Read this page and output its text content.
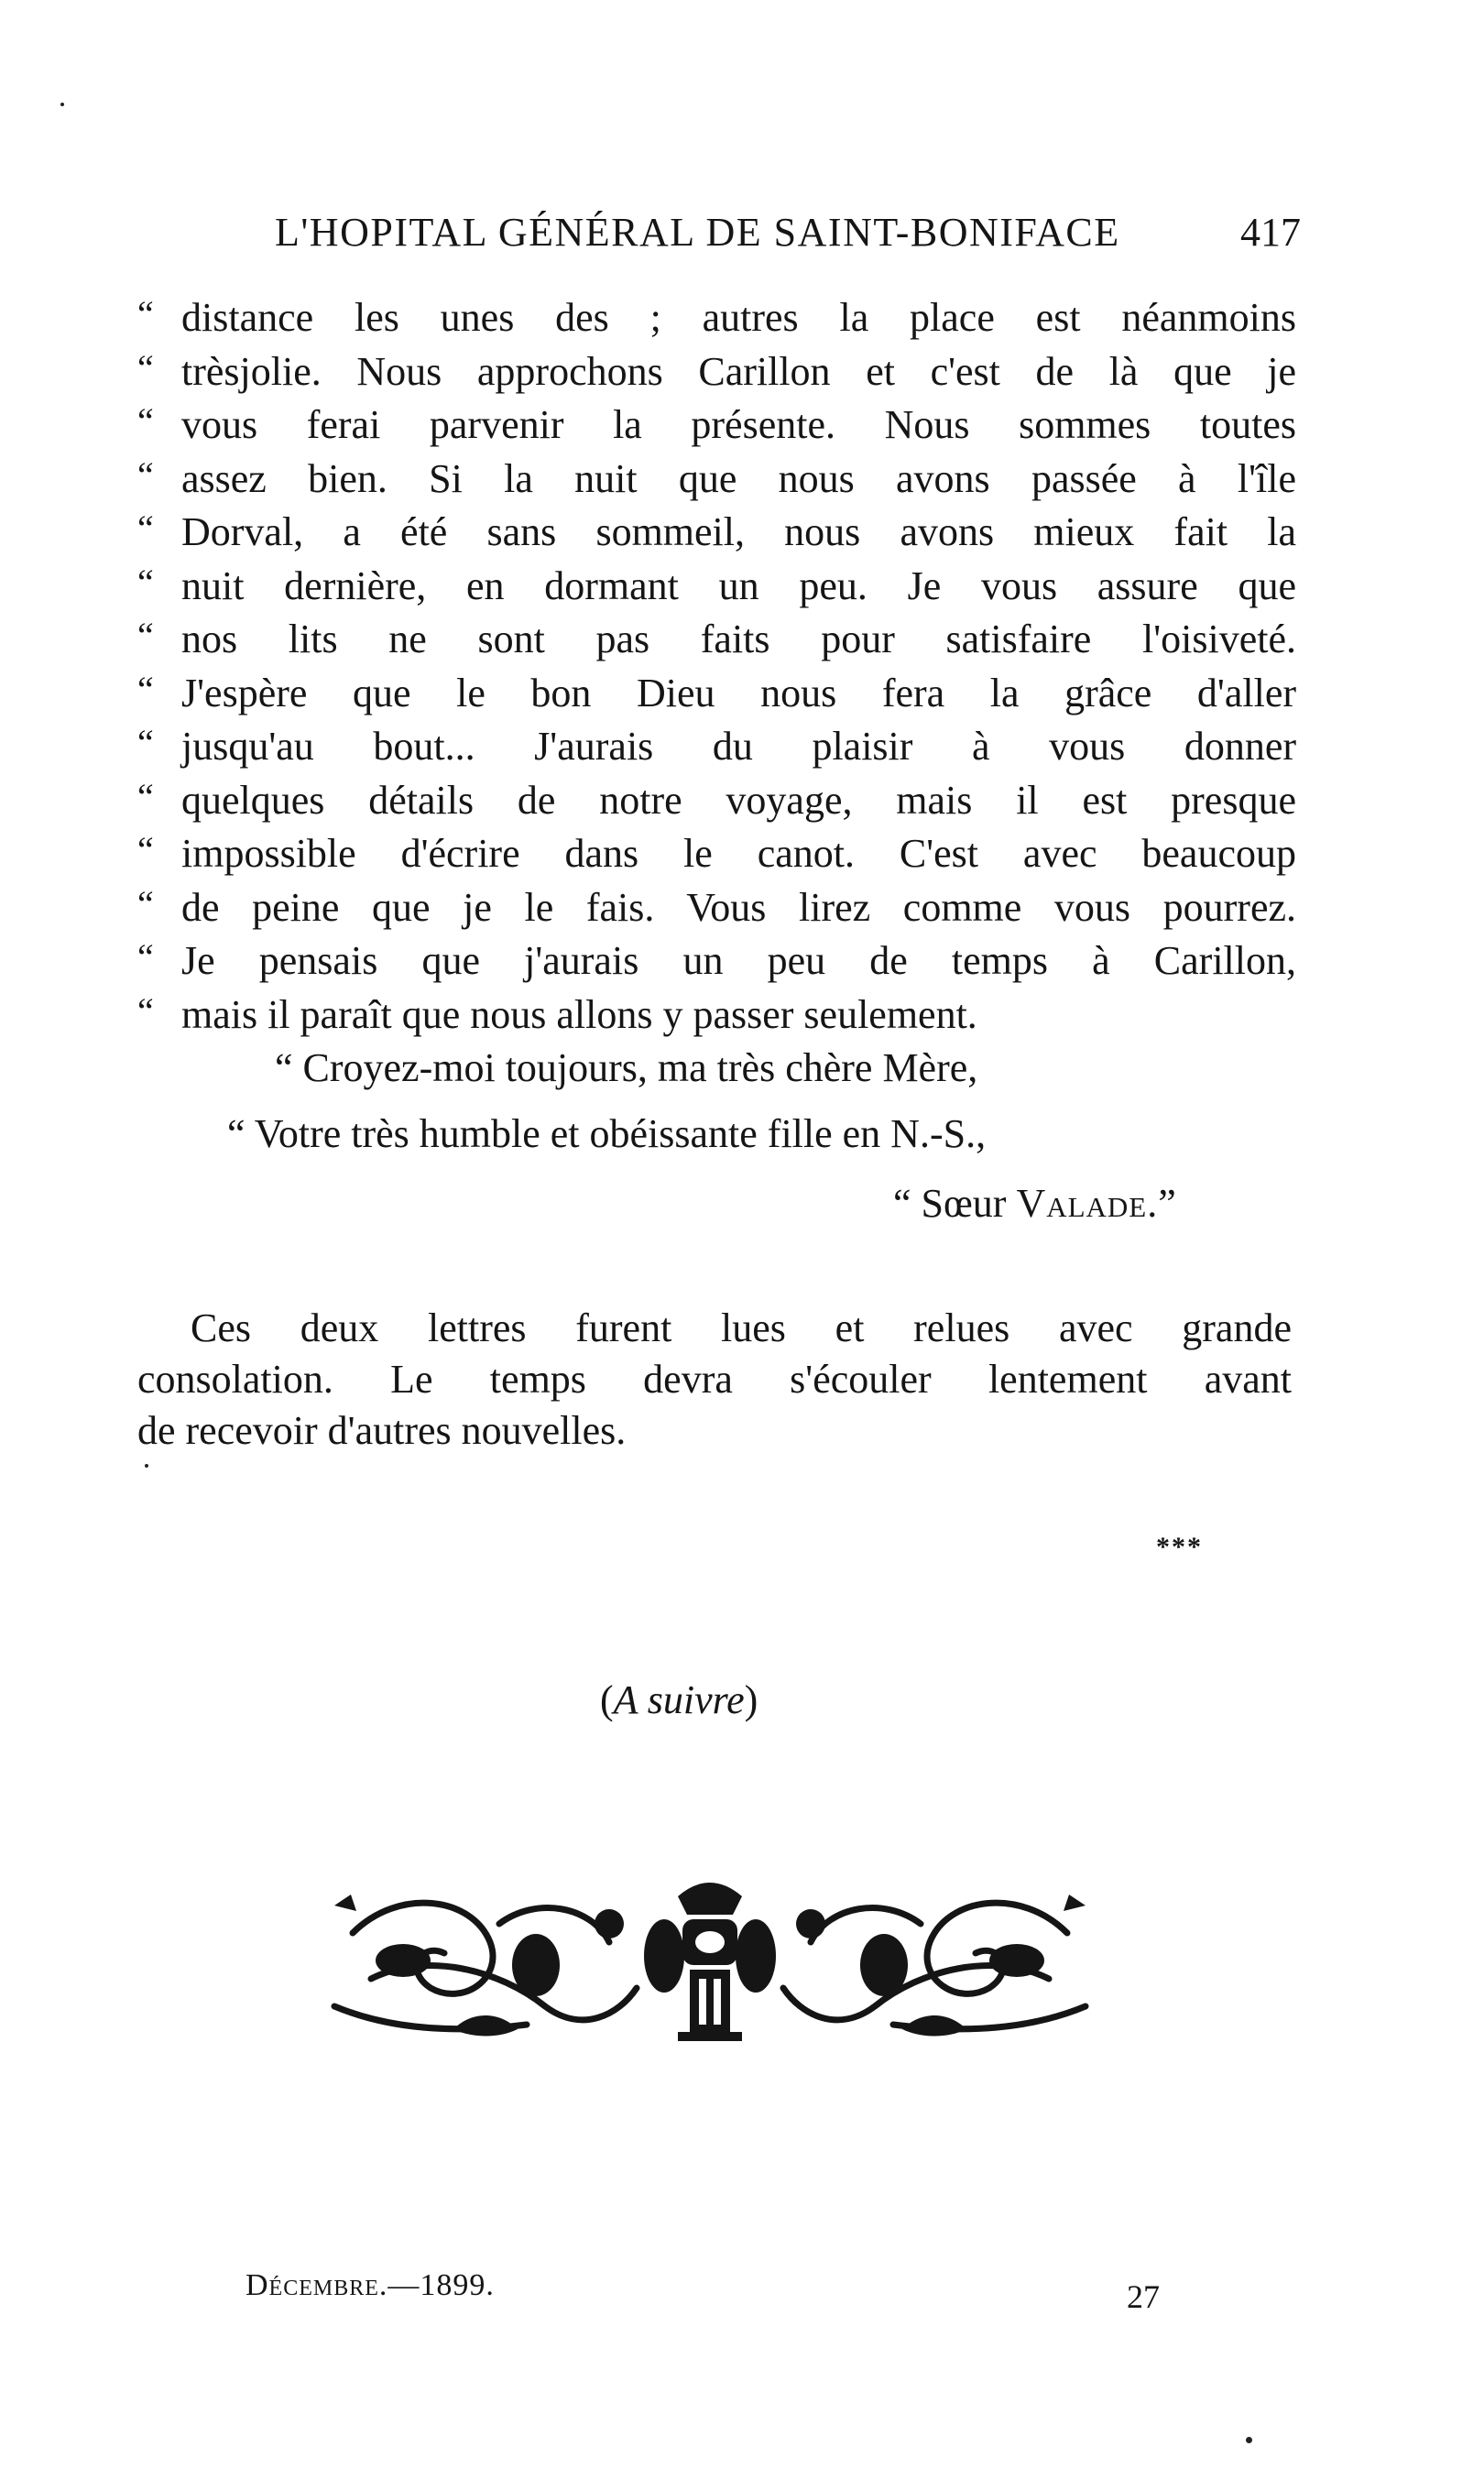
L'HOPITAL GÉNÉRAL DE SAINT-BONIFACE	417
“ distance les unes des ; autres la place est néanmoins
“ trèsjolie. Nous approchons Carillon et c'est de là que je
“ vous ferai parvenir la présente. Nous sommes toutes
“ assez bien. Si la nuit que nous avons passée à l'île
“ Dorval, a été sans sommeil, nous avons mieux fait la
“ nuit dernière, en dormant un peu. Je vous assure que
“ nos lits ne sont pas faits pour satisfaire l'oisiveté.
“ J'espère que le bon Dieu nous fera la grâce d'aller
“ jusqu'au bout... J'aurais du plaisir à vous donner
“ quelques détails de notre voyage, mais il est presque
“ impossible d'écrire dans le canot. C'est avec beaucoup
“ de peine que je le fais. Vous lirez comme vous pourrez.
“ Je pensais que j'aurais un peu de temps à Carillon,
“ mais il paraît que nous allons y passer seulement.
“ Croyez-moi toujours, ma très chère Mère,
“ Votre très humble et obéissante fille en N.-S.,
“ Sœur Valade.”
Ces deux lettres furent lues et relues avec grande
consolation. Le temps devra s'écouler lentement avant
de recevoir d'autres nouvelles.
***
(A suivre)
Décembre.—1899.	27
